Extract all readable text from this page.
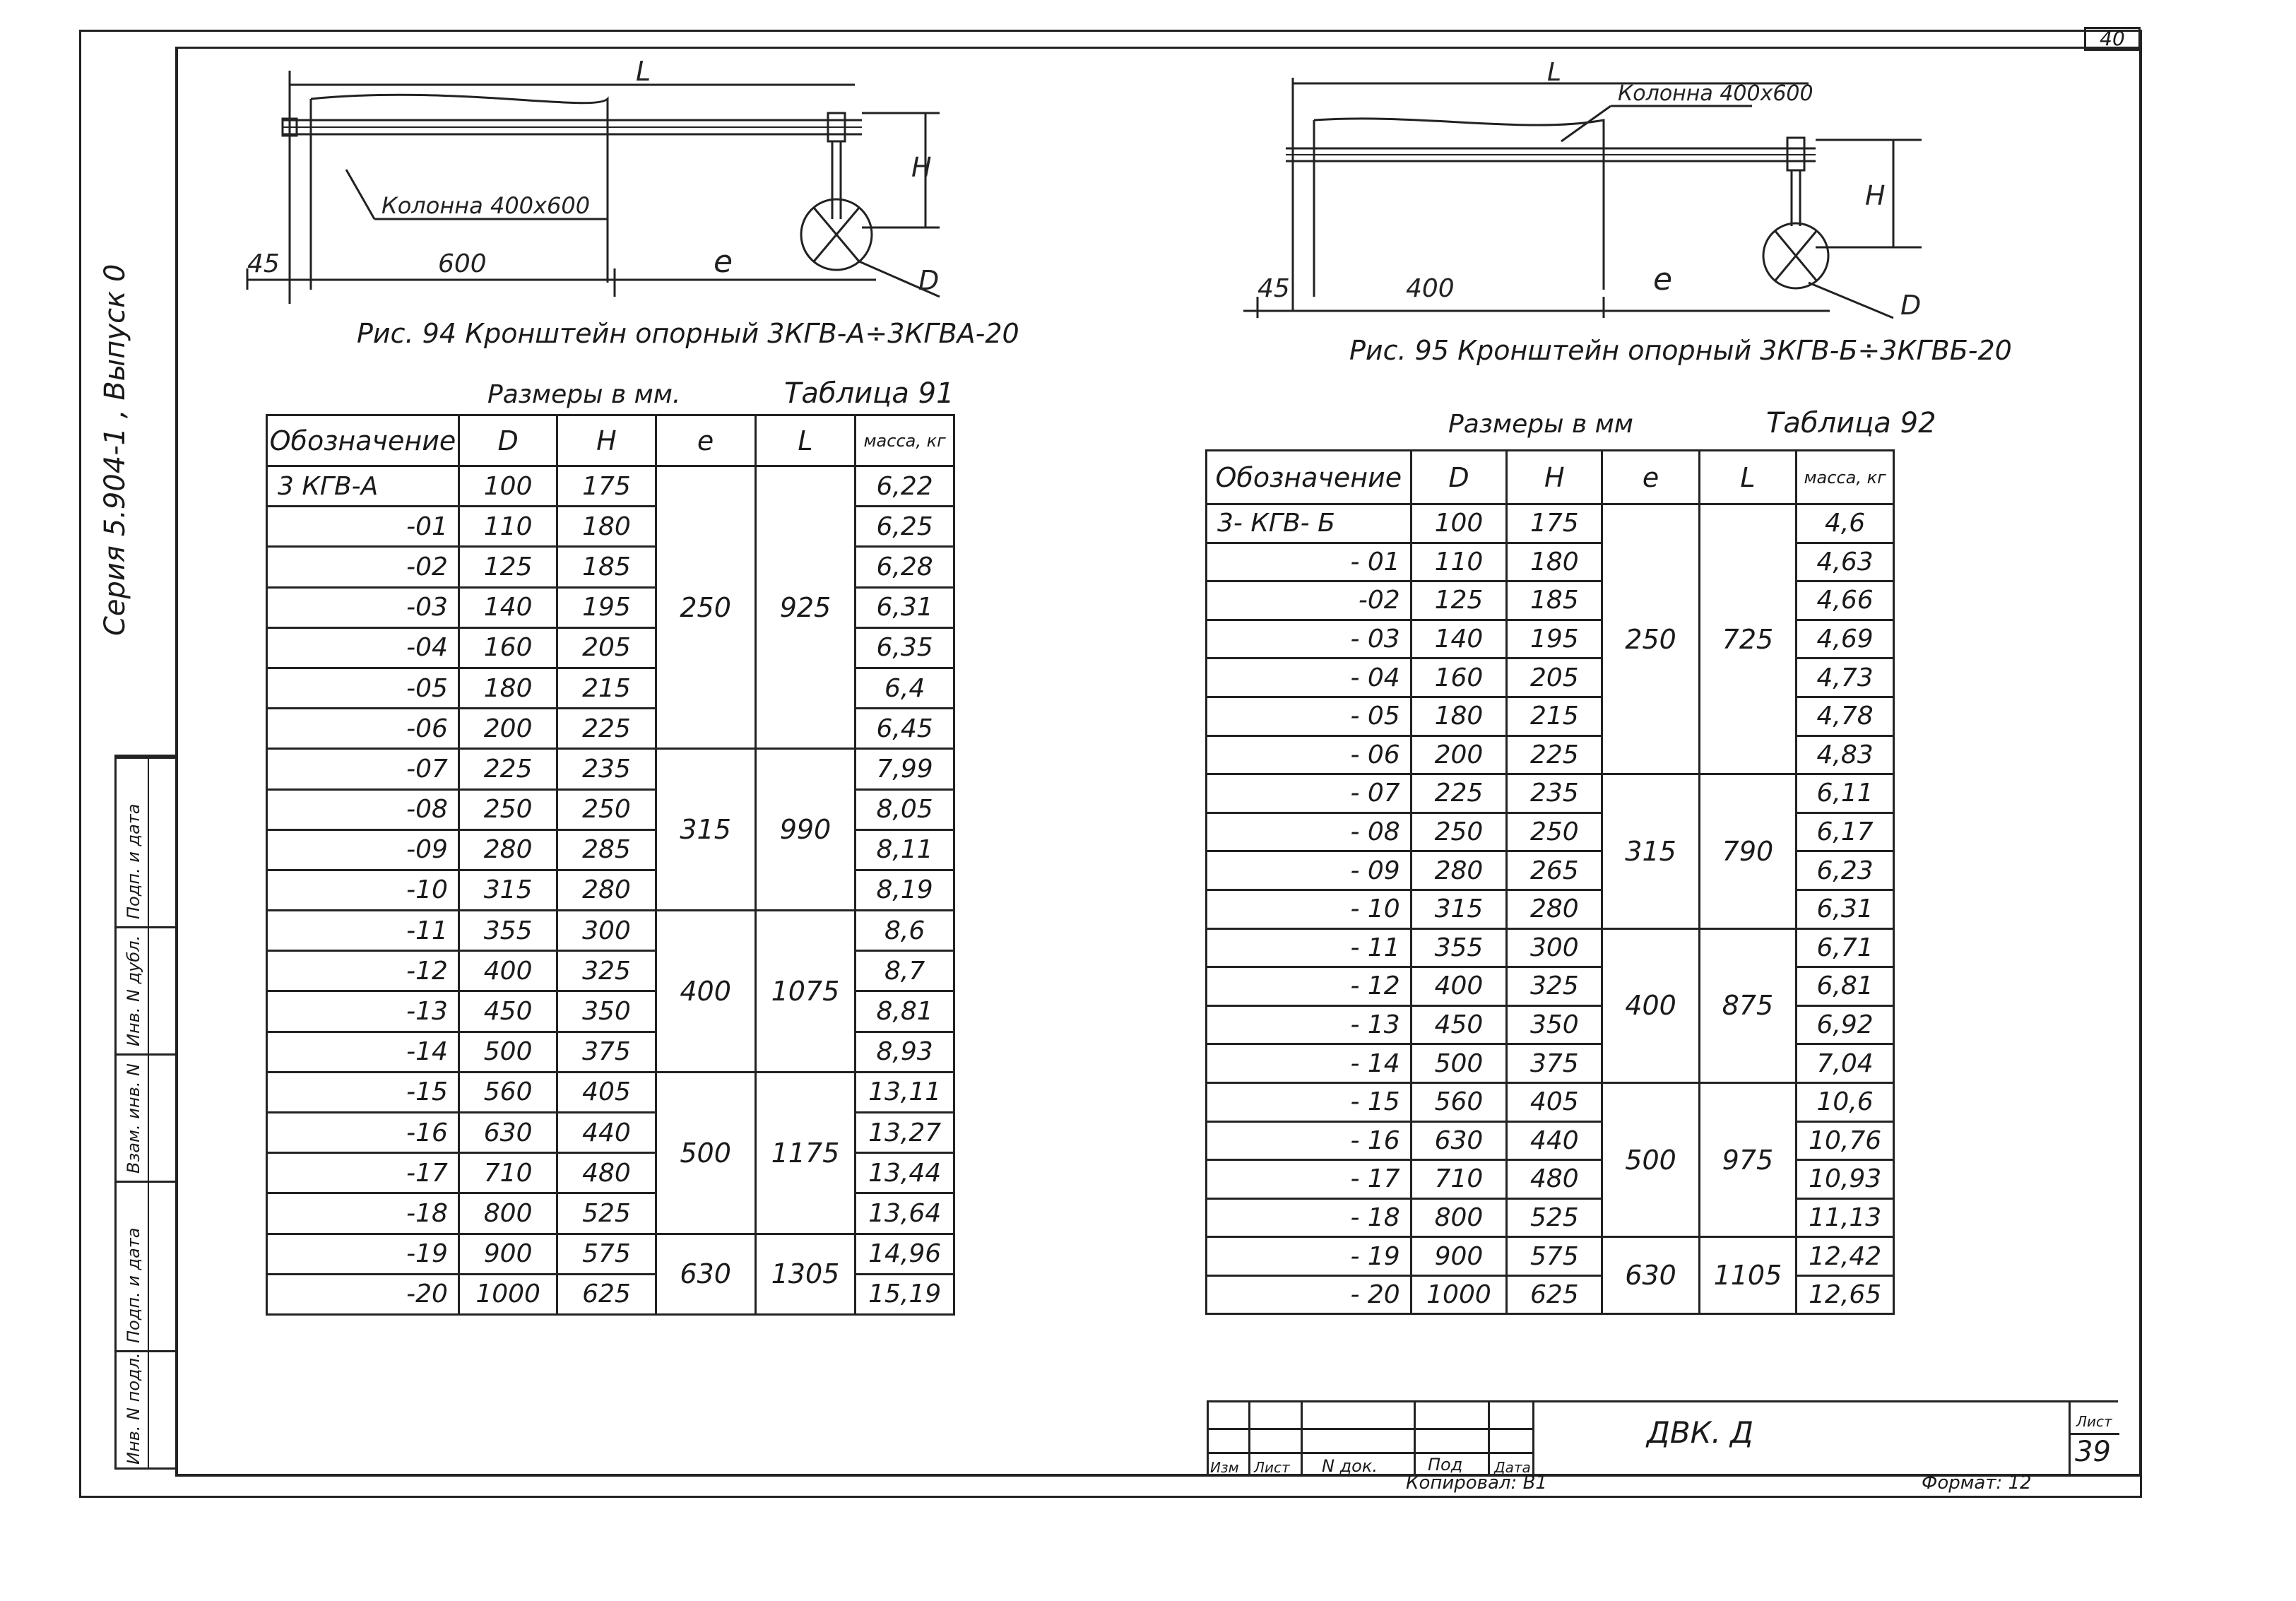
40
Серия 5.904-1 , Выпуск 0
Подп. и дата
Инв. N дубл.
Взам. инв. N
Подп. и дата
Инв. N подл.
L
H
Колонна 400х600
45	600	e
D
Рис. 94 Кронштейн опорный 3КГВ-А÷3КГВА-20
L
Колонна 400х600
H
45	400	e
D
Рис. 95 Кронштейн опорный 3КГВ-Б÷3КГВБ-20
Размеры в мм.	Таблица 91
Обозначение	D	H	e	L	масса, кг
3 КГВ-А	100	175	250	925	6,22
-01	110	180			6,25
-02	125	185			6,28
-03	140	195			6,31
-04	160	205			6,35
-05	180	215			6,4
-06	200	225			6,45
-07	225	235	315	990	7,99
-08	250	250			8,05
-09	280	285			8,11
-10	315	280			8,19
-11	355	300	400	1075	8,6
-12	400	325			8,7
-13	450	350			8,81
-14	500	375			8,93
-15	560	405	500	1175	13,11
-16	630	440			13,27
-17	710	480			13,44
-18	800	525			13,64
-19	900	575	630	1305	14,96
-20	1000	625			15,19
Размеры в мм	Таблица 92
Обозначение	D	H	e	L	масса, кг
3- КГВ- Б	100	175	250	725	4,6
- 01	110	180			4,63
-02	125	185			4,66
- 03	140	195			4,69
- 04	160	205			4,73
- 05	180	215			4,78
- 06	200	225			4,83
- 07	225	235	315	790	6,11
- 08	250	250			6,17
- 09	280	265			6,23
- 10	315	280			6,31
- 11	355	300	400	875	6,71
- 12	400	325			6,81
- 13	450	350			6,92
- 14	500	375			7,04
- 15	560	405	500	975	10,6
- 16	630	440			10,76
- 17	710	480			10,93
- 18	800	525			11,13
- 19	900	575	630	1105	12,42
- 20	1000	625			12,65
Изм Лист N док.	Под Дата
ДВК. Д	Лист
39
Копировал: В1	Формат: 12
